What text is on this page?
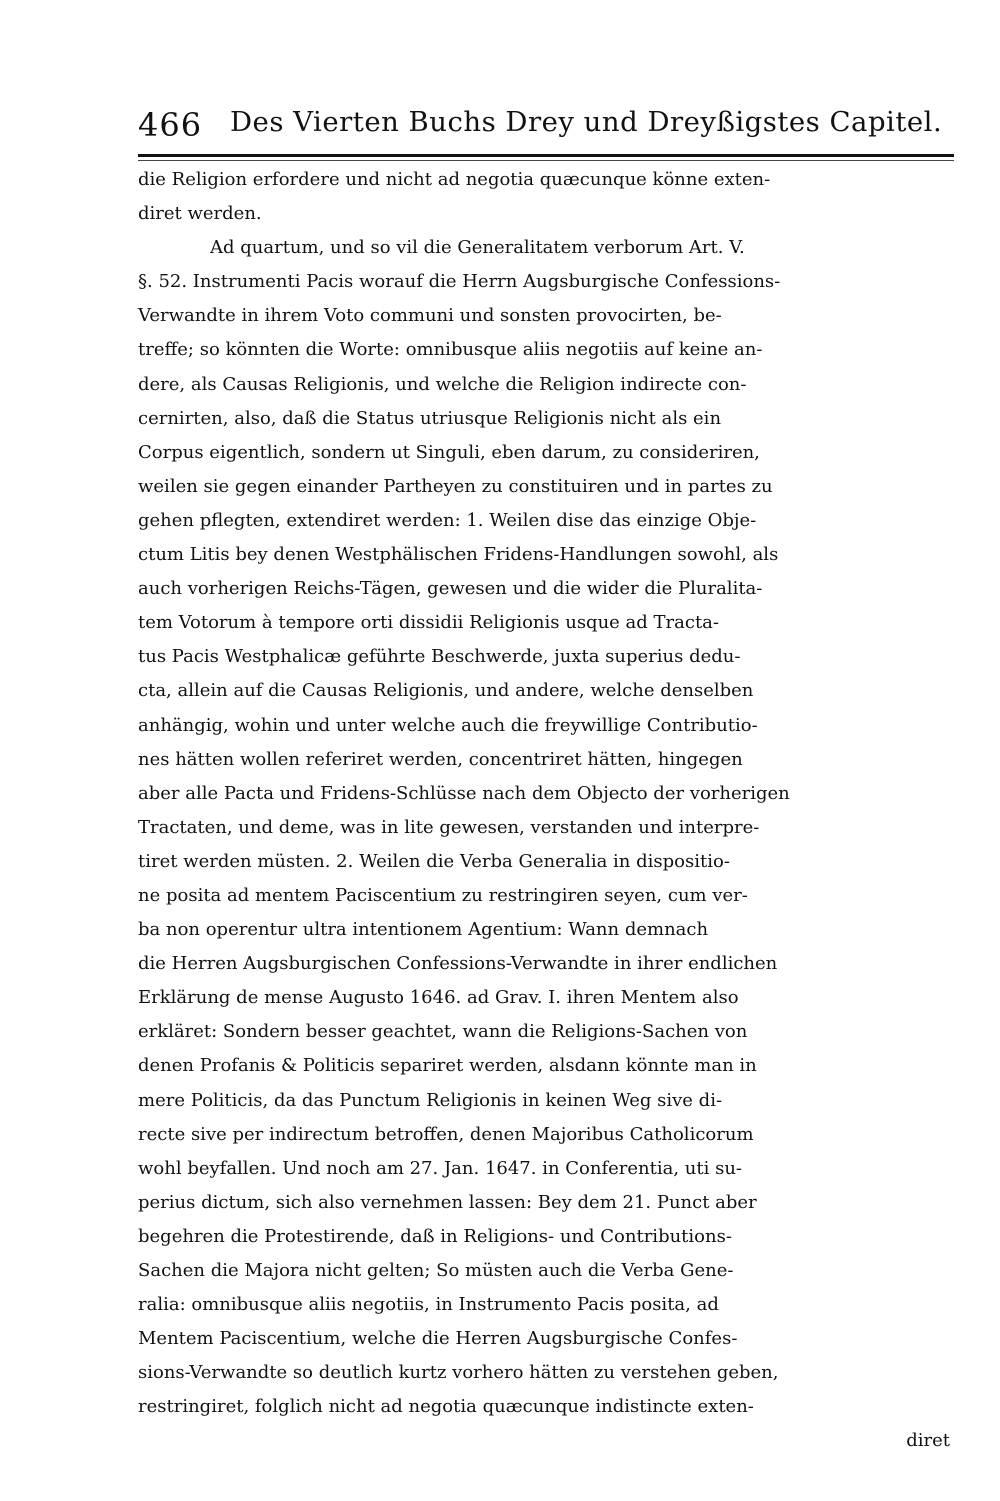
466 Des Vierten Buchs Drey und Dreyßigstes Capitel.
die Religion erfordere und nicht ad negotia quæcunque könne exten-
diret werden.
Ad quartum, und so vil die Generalitatem verborum Art. V.
§. 52. Instrumenti Pacis worauf die Herrn Augsburgische Confessions-
Verwandte in ihrem Voto communi und sonsten provocirten, be-
treffe; so könnten die Worte: omnibusque aliis negotiis auf keine an-
dere, als Causas Religionis, und welche die Religion indirecte con-
cernirten, also, daß die Status utriusque Religionis nicht als ein
Corpus eigentlich, sondern ut Singuli, eben darum, zu consideriren,
weilen sie gegen einander Partheyen zu constituiren und in partes zu
gehen pflegten, extendiret werden: 1. Weilen dise das einzige Obje-
ctum Litis bey denen Westphälischen Fridens-Handlungen sowohl, als
auch vorherigen Reichs-Tägen, gewesen und die wider die Pluralita-
tem Votorum à tempore orti dissidii Religionis usque ad Tracta-
tus Pacis Westphalicæ geführte Beschwerde, juxta superius dedu-
cta, allein auf die Causas Religionis, und andere, welche denselben
anhängig, wohin und unter welche auch die freywillige Contributio-
nes hätten wollen referiret werden, concentriret hätten, hingegen
aber alle Pacta und Fridens-Schlüsse nach dem Objecto der vorherigen
Tractaten, und deme, was in lite gewesen, verstanden und interpre-
tiret werden müsten. 2. Weilen die Verba Generalia in dispositio-
ne posita ad mentem Paciscentium zu restringiren seyen, cum ver-
ba non operentur ultra intentionem Agentium: Wann demnach
die Herren Augsburgischen Confessions-Verwandte in ihrer endlichen
Erklärung de mense Augusto 1646. ad Grav. I. ihren Mentem also
erkläret: Sondern besser geachtet, wann die Religions-Sachen von
denen Profanis & Politicis separiret werden, alsdann könnte man in
mere Politicis, da das Punctum Religionis in keinen Weg sive di-
recte sive per indirectum betroffen, denen Majoribus Catholicorum
wohl beyfallen. Und noch am 27. Jan. 1647. in Conferentia, uti su-
perius dictum, sich also vernehmen lassen: Bey dem 21. Punct aber
begehren die Protestirende, daß in Religions- und Contributions-
Sachen die Majora nicht gelten; So müsten auch die Verba Gene-
ralia: omnibusque aliis negotiis, in Instrumento Pacis posita, ad
Mentem Paciscentium, welche die Herren Augsburgische Confes-
sions-Verwandte so deutlich kurtz vorhero hätten zu verstehen geben,
restringiret, folglich nicht ad negotia quæcunque indistincte exten-
diret
